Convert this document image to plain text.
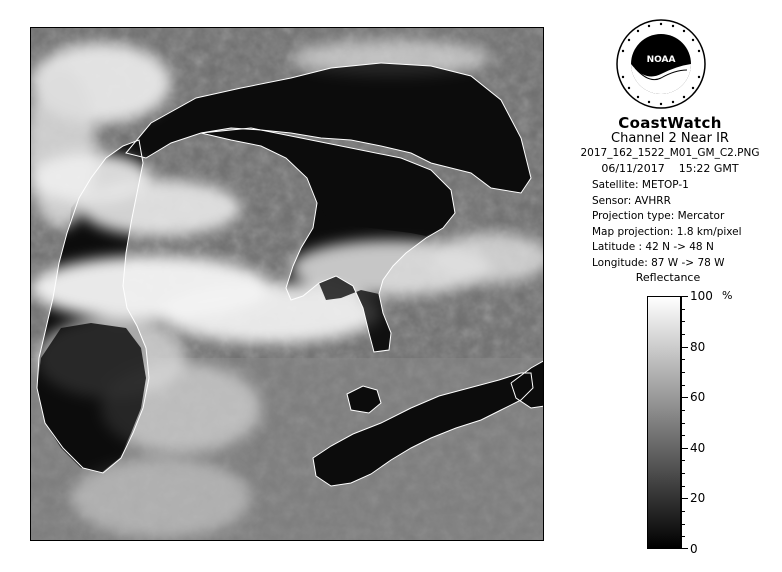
NOAA
CoastWatch
Channel 2 Near IR
2017_162_1522_M01_GM_C2.PNG
06/11/2017    15:22 GMT
Satellite: METOP-1
Sensor: AVHRR
Projection type: Mercator
Map projection: 1.8 km/pixel
Latitude : 42 N -> 48 N
Longitude: 87 W -> 78 W
Reflectance
%
100
80
60
40
20
0
